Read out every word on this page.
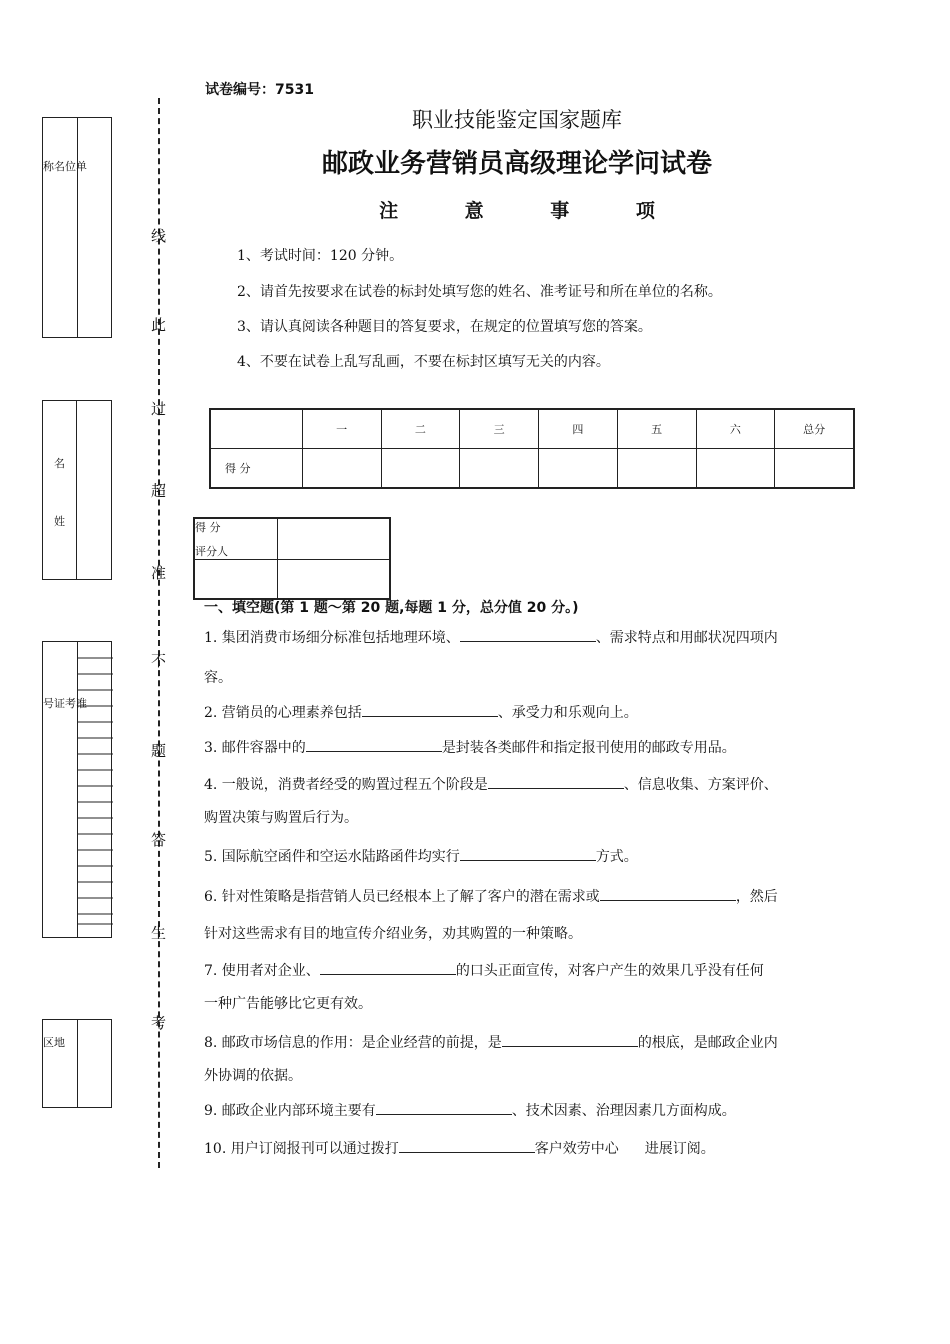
试卷编号：7531
职业技能鉴定国家题库
邮政业务营销员高级理论学问试卷
注 意 事 项
1、考试时间：120 分钟。
2、请首先按要求在试卷的标封处填写您的姓名、准考证号和所在单位的名称。
3、请认真阅读各种题目的答复要求，在规定的位置填写您的答案。
4、不要在试卷上乱写乱画，不要在标封区填写无关的内容。
称名位单
名
姓
号证考准
区地
线
此
过
超
准
不
题
答
生
考
	一	二	三	四	五	六	总分
得 分							
得 分
评分人	

一、填空题(第 1 题～第 20 题,每题 1 分，总分值 20 分。)
1. 集团消费市场细分标准包括地理环境、	、需求特点和用邮状况四项内
容。
2. 营销员的心理素养包括	、承受力和乐观向上。
3. 邮件容器中的	是封装各类邮件和指定报刊使用的邮政专用品。
4. 一般说，消费者经受的购置过程五个阶段是	、信息收集、方案评价、
购置决策与购置后行为。
5. 国际航空函件和空运水陆路函件均实行	方式。
6. 针对性策略是指营销人员已经根本上了解了客户的潜在需求或	，然后
针对这些需求有目的地宣传介绍业务，劝其购置的一种策略。
7. 使用者对企业、	的口头正面宣传，对客户产生的效果几乎没有任何
一种广告能够比它更有效。
8. 邮政市场信息的作用：是企业经营的前提，是	的根底，是邮政企业内
外协调的依据。
9. 邮政企业内部环境主要有	、技术因素、治理因素几方面构成。
10. 用户订阅报刊可以通过拨打	客户效劳中心 进展订阅。
